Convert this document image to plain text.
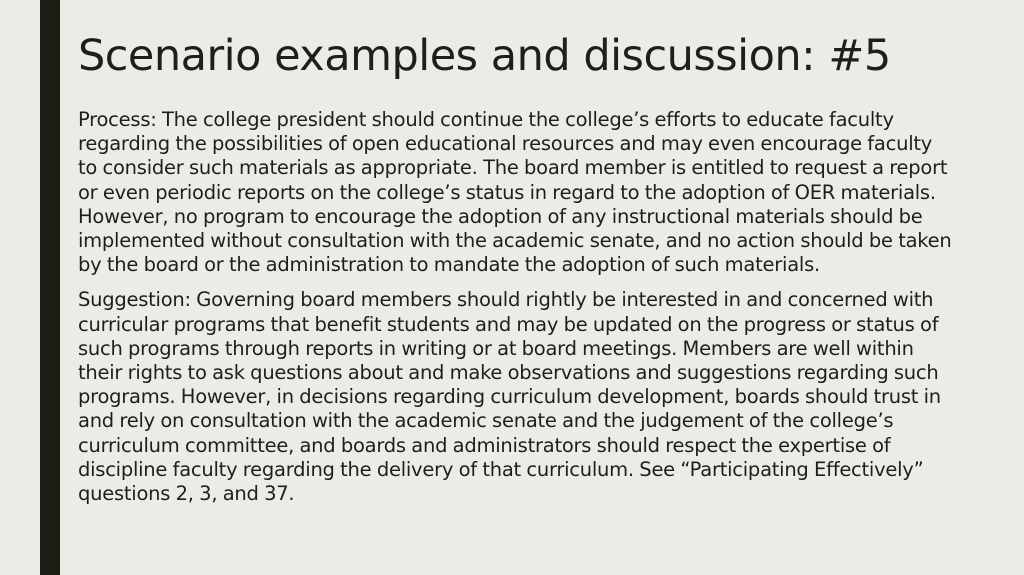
Scenario examples and discussion: #5

Process: The college president should continue the college’s efforts to educate faculty regarding the possibilities of open educational resources and may even encourage faculty to consider such materials as appropriate. The board member is entitled to request a report or even periodic reports on the college’s status in regard to the adoption of OER materials. However, no program to encourage the adoption of any instructional materials should be implemented without consultation with the academic senate, and no action should be taken by the board or the administration to mandate the adoption of such materials.

Suggestion: Governing board members should rightly be interested in and concerned with curricular programs that benefit students and may be updated on the progress or status of such programs through reports in writing or at board meetings. Members are well within their rights to ask questions about and make observations and suggestions regarding such programs. However, in decisions regarding curriculum development, boards should trust in and rely on consultation with the academic senate and the judgement of the college’s curriculum committee, and boards and administrators should respect the expertise of discipline faculty regarding the delivery of that curriculum. See “Participating Effectively” questions 2, 3, and 37.
